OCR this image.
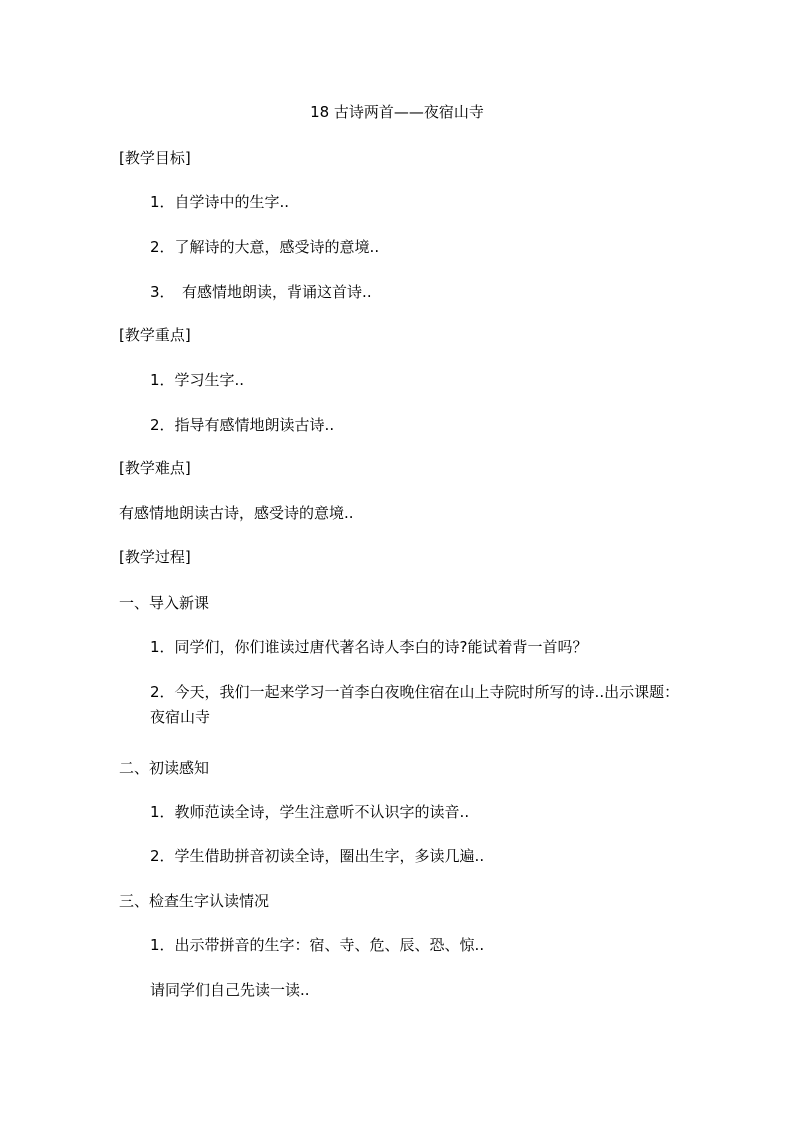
18 古诗两首——夜宿山寺
[教学目标]
1．自学诗中的生字..
2．了解诗的大意，感受诗的意境..
3．　有感情地朗读，背诵这首诗..
[教学重点]
1．学习生字..
2．指导有感情地朗读古诗..
[教学难点]
有感情地朗读古诗，感受诗的意境..
[教学过程]
一、导入新课
1．同学们，你们谁读过唐代著名诗人李白的诗?能试着背一首吗？
2．今天，我们一起来学习一首李白夜晚住宿在山上寺院时所写的诗..出示课题：夜宿山寺
二、初读感知
1．教师范读全诗，学生注意听不认识字的读音..
2．学生借助拼音初读全诗，圈出生字，多读几遍..
三、检查生字认读情况
1．出示带拼音的生字：宿、寺、危、辰、恐、惊..
请同学们自己先读一读..
